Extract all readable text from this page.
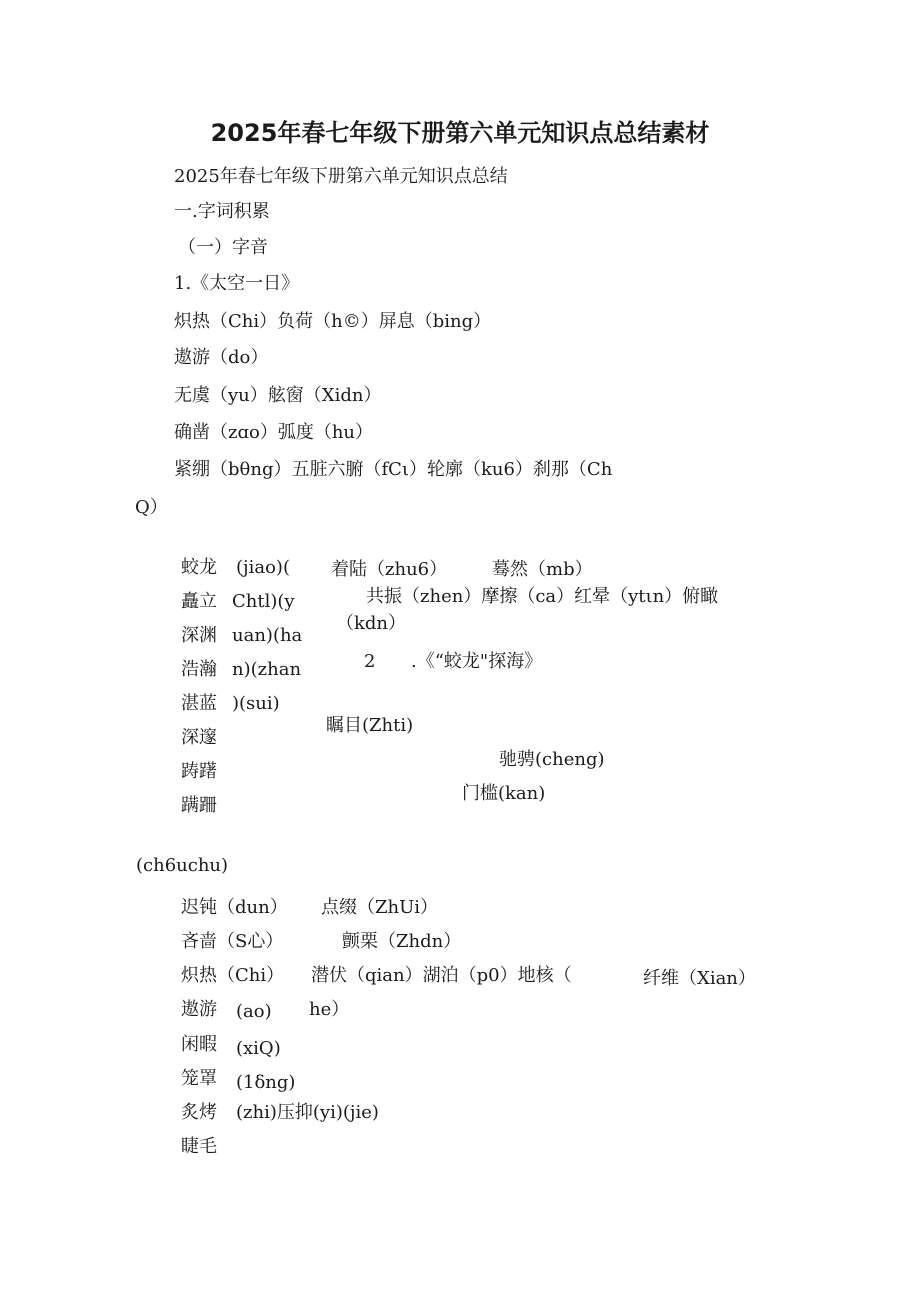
2025年春七年级下册第六单元知识点总结素材
2025年春七年级下册第六单元知识点总结
一.字词积累
（一）字音
1.《太空一日》
炽热（Chi）负荷（h©）屏息（bing）
遨游（do）
无虞（yu）舷窗（Xidn）
确凿（zɑo）弧度（hu）
紧绷（bθng）五脏六腑（fCι）轮廓（ku6）刹那（Ch
Q）
蛟龙
矗立
深渊
浩瀚
湛蓝
深邃
踌躇
蹒跚
(jiao)(
Chtl)(y
uan)(ha
n)(zhan
)(sui)
着陆（zhu6） 蓦然（mb）
共振（zhen）摩擦（ca）红晕（ytιn）俯瞰
（kdn）
2 .《“蛟龙"探海》
瞩目(Zhti)
驰骋(cheng)
门槛(kan)
(ch6uchu)
迟钝（dun） 点缀（ZhUi）
吝啬（S心）	颤栗（Zhdn）
炽热（Chi） 潜伏（qian）湖泊（p0）地核（	纤维（Xian）
遨游 (ao) he）
闲暇 (xiQ)
笼罩 (1δng)
炙烤 (zhi)压抑(yi)(jie)
睫毛
